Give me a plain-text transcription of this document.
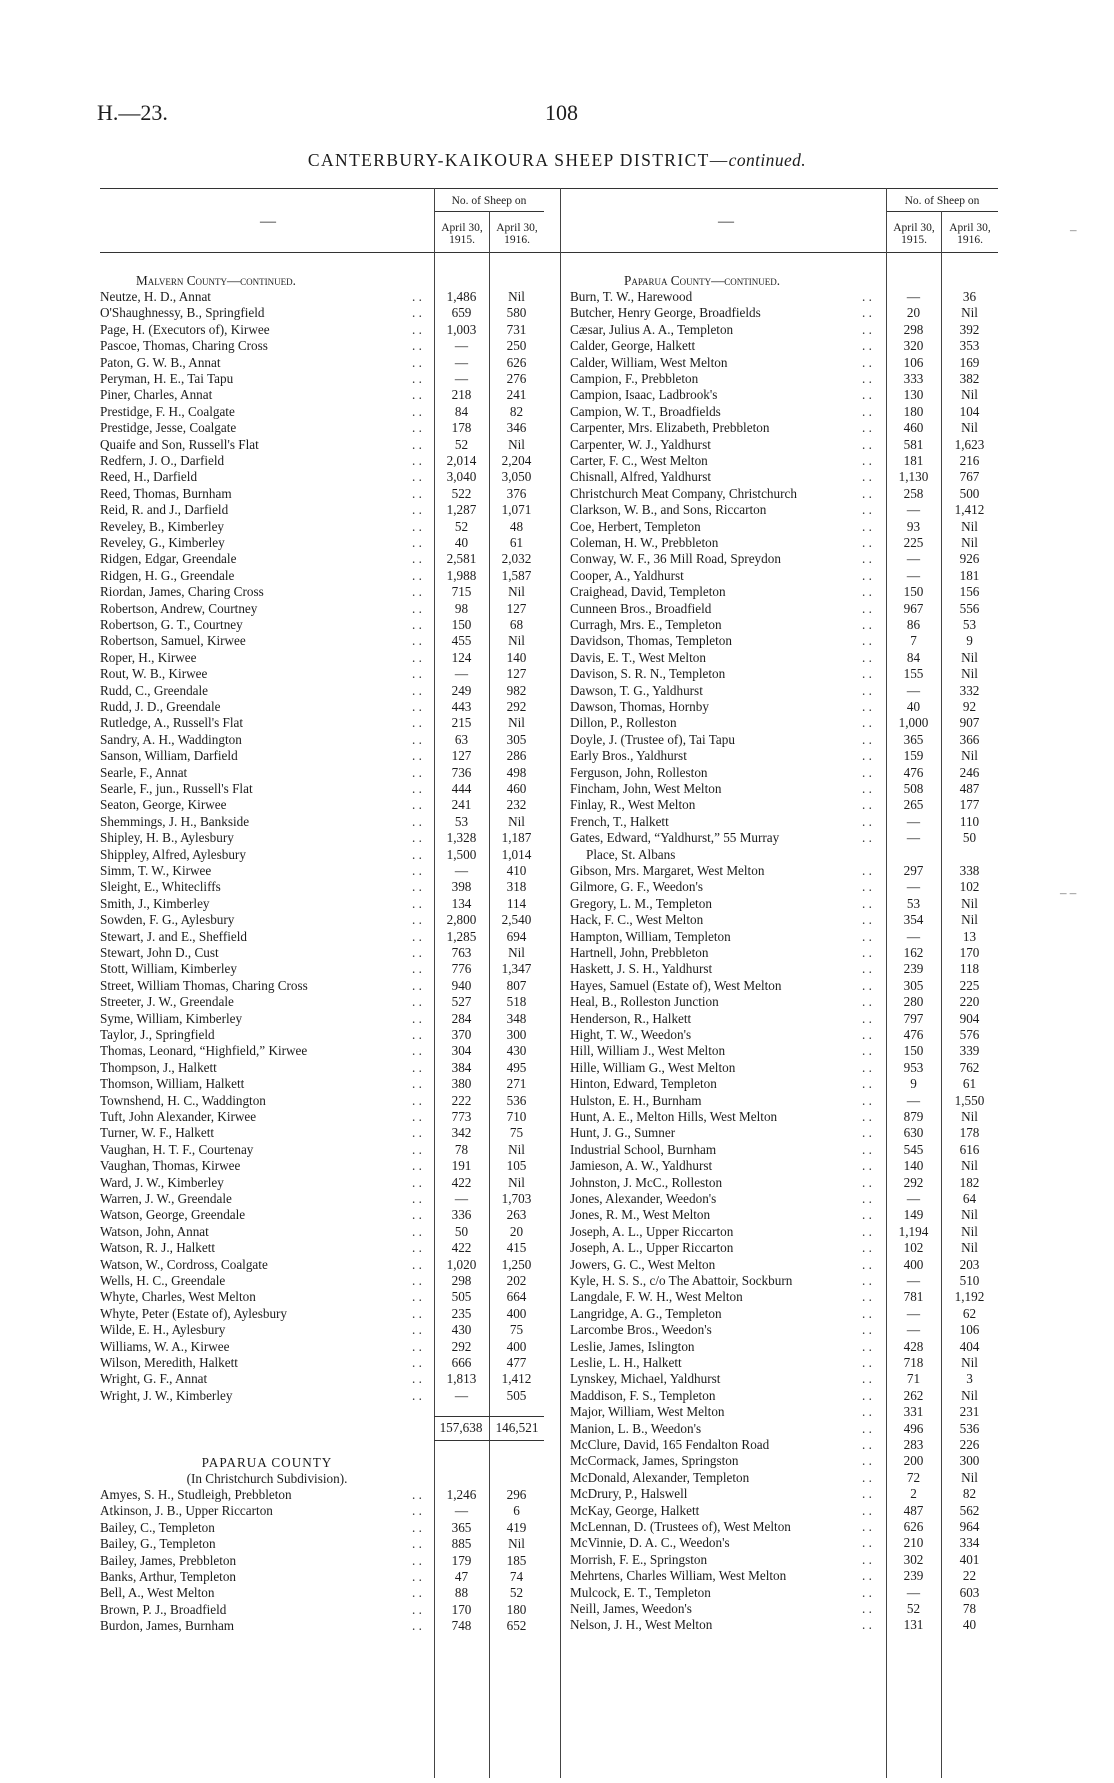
H.—23.	108
CANTERBURY-KAIKOURA SHEEP DISTRICT—continued.
—	—
No. of Sheep on	No. of Sheep on
April 30, 1915.
April 30, 1916.
April 30, 1915.
April 30, 1916.
Malvern County—continued.
Neutze, H. D., Annat	. .	1,486	Nil
O'Shaughnessy, B., Springfield	. .	659	580
Page, H. (Executors of), Kirwee	. .	1,003	731
Pascoe, Thomas, Charing Cross	. .	—	250
Paton, G. W. B., Annat	. .	—	626
Peryman, H. E., Tai Tapu	. .	—	276
Piner, Charles, Annat	. .	218	241
Prestidge, F. H., Coalgate	. .	84	82
Prestidge, Jesse, Coalgate	. .	178	346
Quaife and Son, Russell's Flat	. .	52	Nil
Redfern, J. O., Darfield	. .	2,014	2,204
Reed, H., Darfield	. .	3,040	3,050
Reed, Thomas, Burnham	. .	522	376
Reid, R. and J., Darfield	. .	1,287	1,071
Reveley, B., Kimberley	. .	52	48
Reveley, G., Kimberley	. .	40	61
Ridgen, Edgar, Greendale	. .	2,581	2,032
Ridgen, H. G., Greendale	. .	1,988	1,587
Riordan, James, Charing Cross	. .	715	Nil
Robertson, Andrew, Courtney	. .	98	127
Robertson, G. T., Courtney	. .	150	68
Robertson, Samuel, Kirwee	. .	455	Nil
Roper, H., Kirwee	. .	124	140
Rout, W. B., Kirwee	. .	—	127
Rudd, C., Greendale	. .	249	982
Rudd, J. D., Greendale	. .	443	292
Rutledge, A., Russell's Flat	. .	215	Nil
Sandry, A. H., Waddington	. .	63	305
Sanson, William, Darfield	. .	127	286
Searle, F., Annat	. .	736	498
Searle, F., jun., Russell's Flat	. .	444	460
Seaton, George, Kirwee	. .	241	232
Shemmings, J. H., Bankside	. .	53	Nil
Shipley, H. B., Aylesbury	. .	1,328	1,187
Shippley, Alfred, Aylesbury	. .	1,500	1,014
Simm, T. W., Kirwee	. .	—	410
Sleight, E., Whitecliffs	. .	398	318
Smith, J., Kimberley	. .	134	114
Sowden, F. G., Aylesbury	. .	2,800	2,540
Stewart, J. and E., Sheffield	. .	1,285	694
Stewart, John D., Cust	. .	763	Nil
Stott, William, Kimberley	. .	776	1,347
Street, William Thomas, Charing Cross	. .	940	807
Streeter, J. W., Greendale	. .	527	518
Syme, William, Kimberley	. .	284	348
Taylor, J., Springfield	. .	370	300
Thomas, Leonard, “Highfield,” Kirwee	. .	304	430
Thompson, J., Halkett	. .	384	495
Thomson, William, Halkett	. .	380	271
Townshend, H. C., Waddington	. .	222	536
Tuft, John Alexander, Kirwee	. .	773	710
Turner, W. F., Halkett	. .	342	75
Vaughan, H. T. F., Courtenay	. .	78	Nil
Vaughan, Thomas, Kirwee	. .	191	105
Ward, J. W., Kimberley	. .	422	Nil
Warren, J. W., Greendale	. .	—	1,703
Watson, George, Greendale	. .	336	263
Watson, John, Annat	. .	50	20
Watson, R. J., Halkett	. .	422	415
Watson, W., Cordross, Coalgate	. .	1,020	1,250
Wells, H. C., Greendale	. .	298	202
Whyte, Charles, West Melton	. .	505	664
Whyte, Peter (Estate of), Aylesbury	. .	235	400
Wilde, E. H., Aylesbury	. .	430	75
Williams, W. A., Kirwee	. .	292	400
Wilson, Meredith, Halkett	. .	666	477
Wright, G. F., Annat	. .	1,813	1,412
Wright, J. W., Kimberley	. .	—	505
157,638 146,521
PAPARUA COUNTY
(In Christchurch Subdivision).
Amyes, S. H., Studleigh, Prebbleton	. .	1,246	296
Atkinson, J. B., Upper Riccarton	. .	—	6
Bailey, C., Templeton	. .	365	419
Bailey, G., Templeton	. .	885	Nil
Bailey, James, Prebbleton	. .	179	185
Banks, Arthur, Templeton	. .	47	74
Bell, A., West Melton	. .	88	52
Brown, P. J., Broadfield	. .	170	180
Burdon, James, Burnham	. .	748	652
Paparua County—continued.
Burn, T. W., Harewood	. .	—	36
Butcher, Henry George, Broadfields	. .	20	Nil
Cæsar, Julius A. A., Templeton	. .	298	392
Calder, George, Halkett	. .	320	353
Calder, William, West Melton	. .	106	169
Campion, F., Prebbleton	. .	333	382
Campion, Isaac, Ladbrook's	. .	130	Nil
Campion, W. T., Broadfields	. .	180	104
Carpenter, Mrs. Elizabeth, Prebbleton	. .	460	Nil
Carpenter, W. J., Yaldhurst	. .	581	1,623
Carter, F. C., West Melton	. .	181	216
Chisnall, Alfred, Yaldhurst	. .	1,130	767
Christchurch Meat Company, Christchurch	. .	258	500
Clarkson, W. B., and Sons, Riccarton	. .	—	1,412
Coe, Herbert, Templeton	. .	93	Nil
Coleman, H. W., Prebbleton	. .	225	Nil
Conway, W. F., 36 Mill Road, Spreydon	. .	—	926
Cooper, A., Yaldhurst	. .	—	181
Craighead, David, Templeton	. .	150	156
Cunneen Bros., Broadfield	. .	967	556
Curragh, Mrs. E., Templeton	. .	86	53
Davidson, Thomas, Templeton	. .	7	9
Davis, E. T., West Melton	. .	84	Nil
Davison, S. R. N., Templeton	. .	155	Nil
Dawson, T. G., Yaldhurst	. .	—	332
Dawson, Thomas, Hornby	. .	40	92
Dillon, P., Rolleston	. .	1,000	907
Doyle, J. (Trustee of), Tai Tapu	. .	365	366
Early Bros., Yaldhurst	. .	159	Nil
Ferguson, John, Rolleston	. .	476	246
Fincham, John, West Melton	. .	508	487
Finlay, R., West Melton	. .	265	177
French, T., Halkett	. .	—	110
Gates, Edward, “Yaldhurst,” 55 Murray	. .	—	50
Place, St. Albans
Gibson, Mrs. Margaret, West Melton	. .	297	338
Gilmore, G. F., Weedon's	. .	—	102
Gregory, L. M., Templeton	. .	53	Nil
Hack, F. C., West Melton	. .	354	Nil
Hampton, William, Templeton	. .	—	13
Hartnell, John, Prebbleton	. .	162	170
Haskett, J. S. H., Yaldhurst	. .	239	118
Hayes, Samuel (Estate of), West Melton	. .	305	225
Heal, B., Rolleston Junction	. .	280	220
Henderson, R., Halkett	. .	797	904
Hight, T. W., Weedon's	. .	476	576
Hill, William J., West Melton	. .	150	339
Hille, William G., West Melton	. .	953	762
Hinton, Edward, Templeton	. .	9	61
Hulston, E. H., Burnham	. .	—	1,550
Hunt, A. E., Melton Hills, West Melton	. .	879	Nil
Hunt, J. G., Sumner	. .	630	178
Industrial School, Burnham	. .	545	616
Jamieson, A. W., Yaldhurst	. .	140	Nil
Johnston, J. McC., Rolleston	. .	292	182
Jones, Alexander, Weedon's	. .	—	64
Jones, R. M., West Melton	. .	149	Nil
Joseph, A. L., Upper Riccarton	. .	1,194	Nil
Joseph, A. L., Upper Riccarton	. .	102	Nil
Jowers, G. C., West Melton	. .	400	203
Kyle, H. S. S., c/o The Abattoir, Sockburn	. .	—	510
Langdale, F. W. H., West Melton	. .	781	1,192
Langridge, A. G., Templeton	. .	—	62
Larcombe Bros., Weedon's	. .	—	106
Leslie, James, Islington	. .	428	404
Leslie, L. H., Halkett	. .	718	Nil
Lynskey, Michael, Yaldhurst	. .	71	3
Maddison, F. S., Templeton	. .	262	Nil
Major, William, West Melton	. .	331	231
Manion, L. B., Weedon's	. .	496	536
McClure, David, 165 Fendalton Road	. .	283	226
McCormack, James, Springston	. .	200	300
McDonald, Alexander, Templeton	. .	72	Nil
McDrury, P., Halswell	. .	2	82
McKay, George, Halkett	. .	487	562
McLennan, D. (Trustees of), West Melton	. .	626	964
McVinnie, D. A. C., Weedon's	. .	210	334
Morrish, F. E., Springston	. .	302	401
Mehrtens, Charles William, West Melton	. .	239	22
Mulcock, E. T., Templeton	. .	—	603
Neill, James, Weedon's	. .	52	78
Nelson, J. H., West Melton	. .	131	40
–
– –
